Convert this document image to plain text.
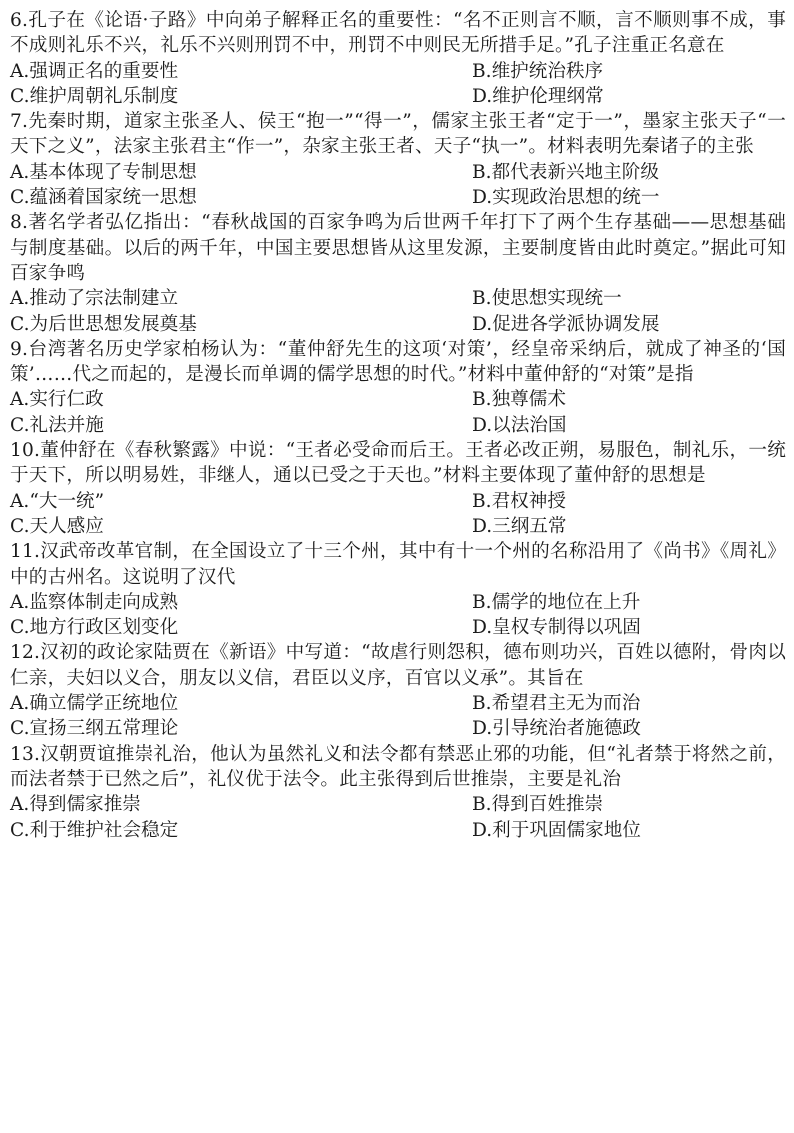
6.孔子在《论语·子路》中向弟子解释正名的重要性：“名不正则言不顺，言不顺则事不成，事不成则礼乐不兴，礼乐不兴则刑罚不中，刑罚不中则民无所措手足。”孔子注重正名意在

A.强调正名的重要性	B.维护统治秩序
C.维护周朝礼乐制度	D.维护伦理纲常

7.先秦时期，道家主张圣人、侯王“抱一”“得一”，儒家主张王者“定于一”，墨家主张天子“一天下之义”，法家主张君主“作一”，杂家主张王者、天子“执一”。材料表明先秦诸子的主张

A.基本体现了专制思想	B.都代表新兴地主阶级
C.蕴涵着国家统一思想	D.实现政治思想的统一

8.著名学者弘亿指出：“春秋战国的百家争鸣为后世两千年打下了两个生存基础——思想基础与制度基础。以后的两千年，中国主要思想皆从这里发源，主要制度皆由此时奠定。”据此可知百家争鸣

A.推动了宗法制建立	B.使思想实现统一
C.为后世思想发展奠基	D.促进各学派协调发展

9.台湾著名历史学家柏杨认为：“董仲舒先生的这项‘对策’，经皇帝采纳后，就成了神圣的‘国策’……代之而起的，是漫长而单调的儒学思想的时代。”材料中董仲舒的“对策”是指

A.实行仁政	B.独尊儒术
C.礼法并施	D.以法治国

10.董仲舒在《春秋繁露》中说：“王者必受命而后王。王者必改正朔，易服色，制礼乐，一统于天下，所以明易姓，非继人，通以已受之于天也。”材料主要体现了董仲舒的思想是

A.“大一统”	B.君权神授
C.天人感应	D.三纲五常

11.汉武帝改革官制，在全国设立了十三个州，其中有十一个州的名称沿用了《尚书》《周礼》中的古州名。这说明了汉代

A.监察体制走向成熟	B.儒学的地位在上升
C.地方行政区划变化	D.皇权专制得以巩固

12.汉初的政论家陆贾在《新语》中写道：“故虐行则怨积，德布则功兴，百姓以德附，骨肉以仁亲，夫妇以义合，朋友以义信，君臣以义序，百官以义承”。其旨在

A.确立儒学正统地位	B.希望君主无为而治
C.宣扬三纲五常理论	D.引导统治者施德政

13.汉朝贾谊推崇礼治，他认为虽然礼义和法令都有禁恶止邪的功能，但“礼者禁于将然之前，而法者禁于已然之后”，礼仪优于法令。此主张得到后世推崇，主要是礼治

A.得到儒家推崇	B.得到百姓推崇
C.利于维护社会稳定	D.利于巩固儒家地位
